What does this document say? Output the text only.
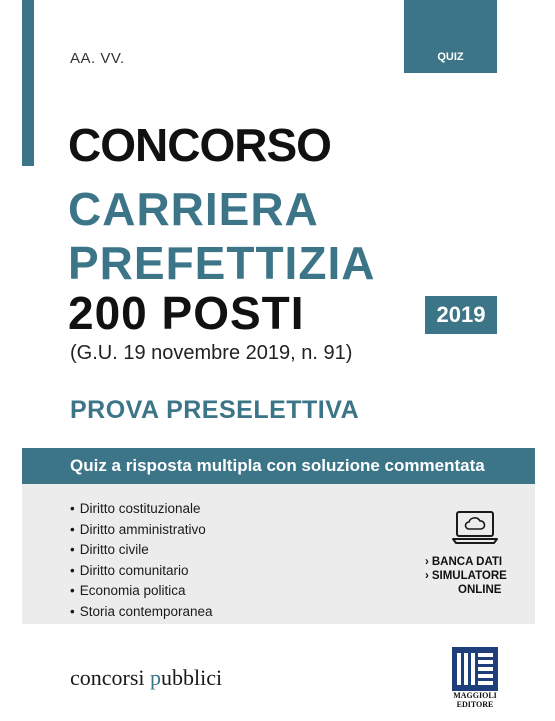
AA. VV.	QUIZ
CONCORSO
CARRIERA
PREFETTIZIA
200 POSTI	2019
(G.U. 19 novembre 2019, n. 91)
PROVA PRESELETTIVA
Quiz a risposta multipla con soluzione commentata
• Diritto costituzionale
• Diritto amministrativo
• Diritto civile
• Diritto comunitario
• Economia politica
• Storia contemporanea
› BANCA DATI
› SIMULATORE
ONLINE
concorsi pubblici
MAGGIOLI
EDITORE
